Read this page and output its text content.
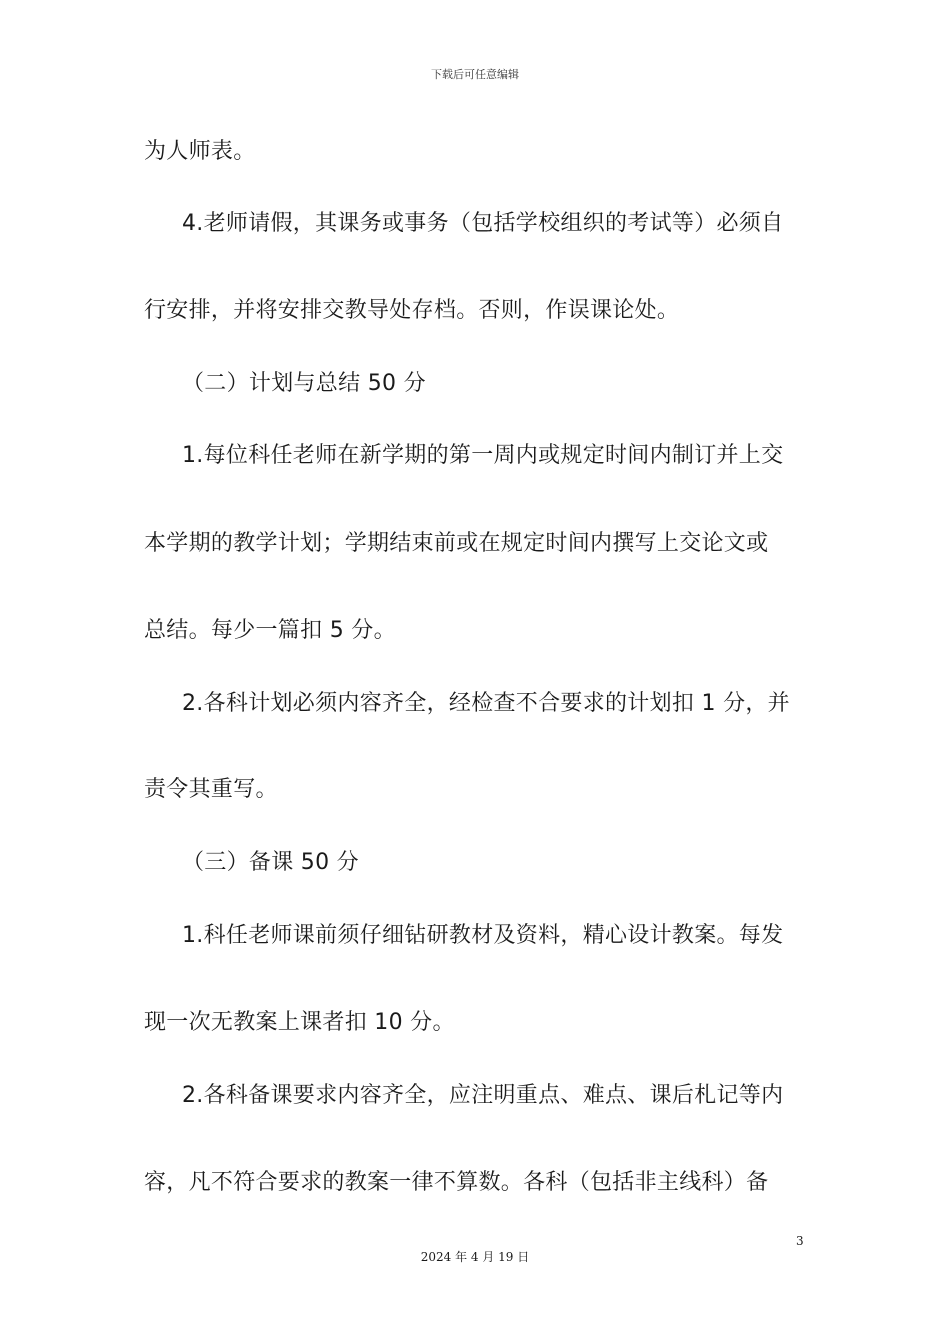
下载后可任意编辑
为人师表。
4.老师请假，其课务或事务（包括学校组织的考试等）必须自
行安排，并将安排交教导处存档。否则，作误课论处。
（二）计划与总结 50 分
1.每位科任老师在新学期的第一周内或规定时间内制订并上交
本学期的教学计划；学期结束前或在规定时间内撰写上交论文或
总结。每少一篇扣 5 分。
2.各科计划必须内容齐全，经检查不合要求的计划扣 1 分，并
责令其重写。
（三）备课 50 分
1.科任老师课前须仔细钻研教材及资料，精心设计教案。每发
现一次无教案上课者扣 10 分。
2.各科备课要求内容齐全，应注明重点、难点、课后札记等内
容，凡不符合要求的教案一律不算数。各科（包括非主线科）备
3
2024 年 4 月 19 日
